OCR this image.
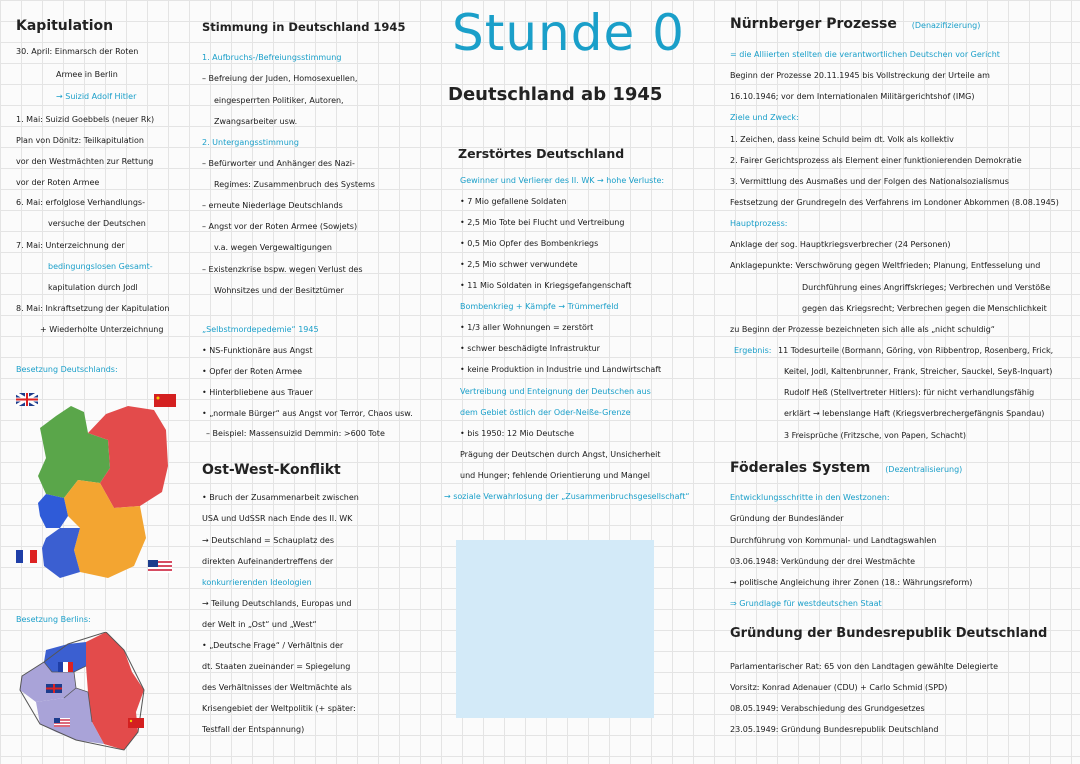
Kapitulation
30. April: Einmarsch der Roten
Armee in Berlin
→ Suizid Adolf Hitler
1. Mai: Suizid Goebbels (neuer Rk)
Plan von Dönitz: Teilkapitulation
vor den Westmächten zur Rettung
vor der Roten Armee
6. Mai: erfolglose Verhandlungs-
versuche der Deutschen
7. Mai: Unterzeichnung der
bedingungslosen Gesamt-
kapitulation durch Jodl
8. Mai: Inkraftsetzung der Kapitulation
+ Wiederholte Unterzeichnung
Besetzung Deutschlands:
Besetzung Berlins:
Stimmung in Deutschland 1945
1. Aufbruchs-/Befreiungsstimmung
– Befreiung der Juden, Homosexuellen,
eingesperrten Politiker, Autoren,
Zwangsarbeiter usw.
2. Untergangsstimmung
– Befürworter und Anhänger des Nazi-
Regimes: Zusammenbruch des Systems
– erneute Niederlage Deutschlands
– Angst vor der Roten Armee (Sowjets)
v.a. wegen Vergewaltigungen
– Existenzkrise bspw. wegen Verlust des
Wohnsitzes und der Besitztümer
„Selbstmordepedemie“ 1945
• NS-Funktionäre aus Angst
• Opfer der Roten Armee
• Hinterbliebene aus Trauer
• „normale Bürger“ aus Angst vor Terror, Chaos usw.
– Beispiel: Massensuizid Demmin: >600 Tote
Ost-West-Konflikt
• Bruch der Zusammenarbeit zwischen
USA und UdSSR nach Ende des II. WK
→ Deutschland = Schauplatz des
direkten Aufeinandertreffens der
konkurrierenden Ideologien
→ Teilung Deutschlands, Europas und
der Welt in „Ost“ und „West“
• „Deutsche Frage“ / Verhältnis der
dt. Staaten zueinander = Spiegelung
des Verhältnisses der Weltmächte als
Krisengebiet der Weltpolitik (+ später:
Testfall der Entspannung)
Stunde 0
Deutschland ab 1945
Zerstörtes Deutschland
Gewinner und Verlierer des II. WK → hohe Verluste:
• 7 Mio gefallene Soldaten
• 2,5 Mio Tote bei Flucht und Vertreibung
• 0,5 Mio Opfer des Bombenkriegs
• 2,5 Mio schwer verwundete
• 11 Mio Soldaten in Kriegsgefangenschaft
Bombenkrieg + Kämpfe → Trümmerfeld
• 1/3 aller Wohnungen = zerstört
• schwer beschädigte Infrastruktur
• keine Produktion in Industrie und Landwirtschaft
Vertreibung und Enteignung der Deutschen aus
dem Gebiet östlich der Oder-Neiße-Grenze
• bis 1950: 12 Mio Deutsche
Prägung der Deutschen durch Angst, Unsicherheit
und Hunger; fehlende Orientierung und Mangel
→ soziale Verwahrlosung der „Zusammenbruchsgesellschaft“
Nürnberger Prozesse (Denazifizierung)
= die Alliierten stellten die verantwortlichen Deutschen vor Gericht
Beginn der Prozesse 20.11.1945 bis Vollstreckung der Urteile am
16.10.1946; vor dem Internationalen Militärgerichtshof (IMG)
Ziele und Zweck:
1. Zeichen, dass keine Schuld beim dt. Volk als kollektiv
2. Fairer Gerichtsprozess als Element einer funktionierenden Demokratie
3. Vermittlung des Ausmaßes und der Folgen des Nationalsozialismus
Festsetzung der Grundregeln des Verfahrens im Londoner Abkommen (8.08.1945)
Hauptprozess:
Anklage der sog. Hauptkriegsverbrecher (24 Personen)
Anklagepunkte: Verschwörung gegen Weltfrieden; Planung, Entfesselung und
Durchführung eines Angriffskrieges; Verbrechen und Verstöße
gegen das Kriegsrecht; Verbrechen gegen die Menschlichkeit
zu Beginn der Prozesse bezeichneten sich alle als „nicht schuldig“
Ergebnis: 11 Todesurteile (Bormann, Göring, von Ribbentrop, Rosenberg, Frick,
Keitel, Jodl, Kaltenbrunner, Frank, Streicher, Sauckel, Seyß-Inquart)
Rudolf Heß (Stellvertreter Hitlers): für nicht verhandlungsfähig
erklärt → lebenslange Haft (Kriegsverbrechergefängnis Spandau)
3 Freisprüche (Fritzsche, von Papen, Schacht)
Föderales System (Dezentralisierung)
Entwicklungsschritte in den Westzonen:
Gründung der Bundesländer
Durchführung von Kommunal- und Landtagswahlen
03.06.1948: Verkündung der drei Westmächte
→ politische Angleichung ihrer Zonen (18.: Währungsreform)
⇒ Grundlage für westdeutschen Staat
Gründung der Bundesrepublik Deutschland
Parlamentarischer Rat: 65 von den Landtagen gewählte Delegierte
Vorsitz: Konrad Adenauer (CDU) + Carlo Schmid (SPD)
08.05.1949: Verabschiedung des Grundgesetzes
23.05.1949: Gründung Bundesrepublik Deutschland
